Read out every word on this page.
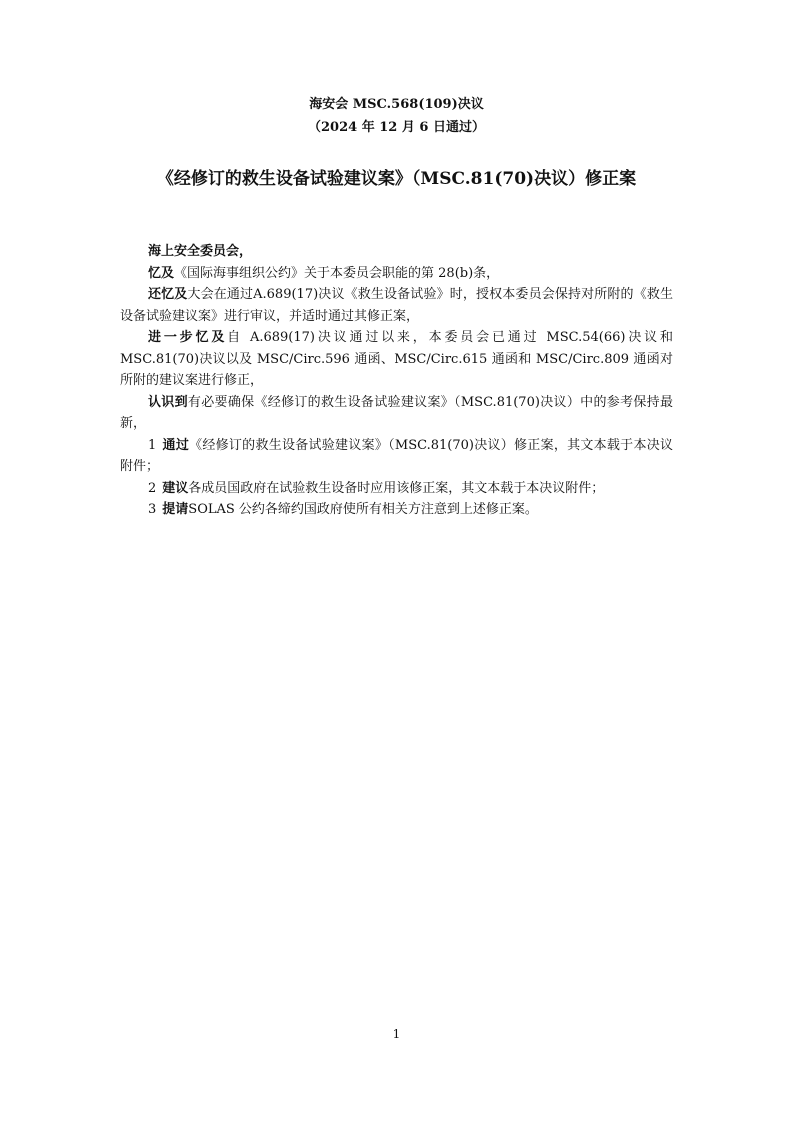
海安会 MSC.568(109)决议

（2024 年 12 月 6 日通过）

《经修订的救生设备试验建议案》（MSC.81(70)决议）修正案

海上安全委员会，

忆及《国际海事组织公约》关于本委员会职能的第 28(b)条，

还忆及大会在通过A.689(17)决议《救生设备试验》时，授权本委员会保持对所附的《救生设备试验建议案》进行审议，并适时通过其修正案，

进一步忆及自 A.689(17)决议通过以来，本委员会已通过 MSC.54(66)决议和 MSC.81(70)决议以及 MSC/Circ.596 通函、MSC/Circ.615 通函和 MSC/Circ.809 通函对所附的建议案进行修正，

认识到有必要确保《经修订的救生设备试验建议案》（MSC.81(70)决议）中的参考保持最新，

1 通过《经修订的救生设备试验建议案》（MSC.81(70)决议）修正案，其文本载于本决议附件；

2 建议各成员国政府在试验救生设备时应用该修正案，其文本载于本决议附件；

3 提请SOLAS 公约各缔约国政府使所有相关方注意到上述修正案。

1
